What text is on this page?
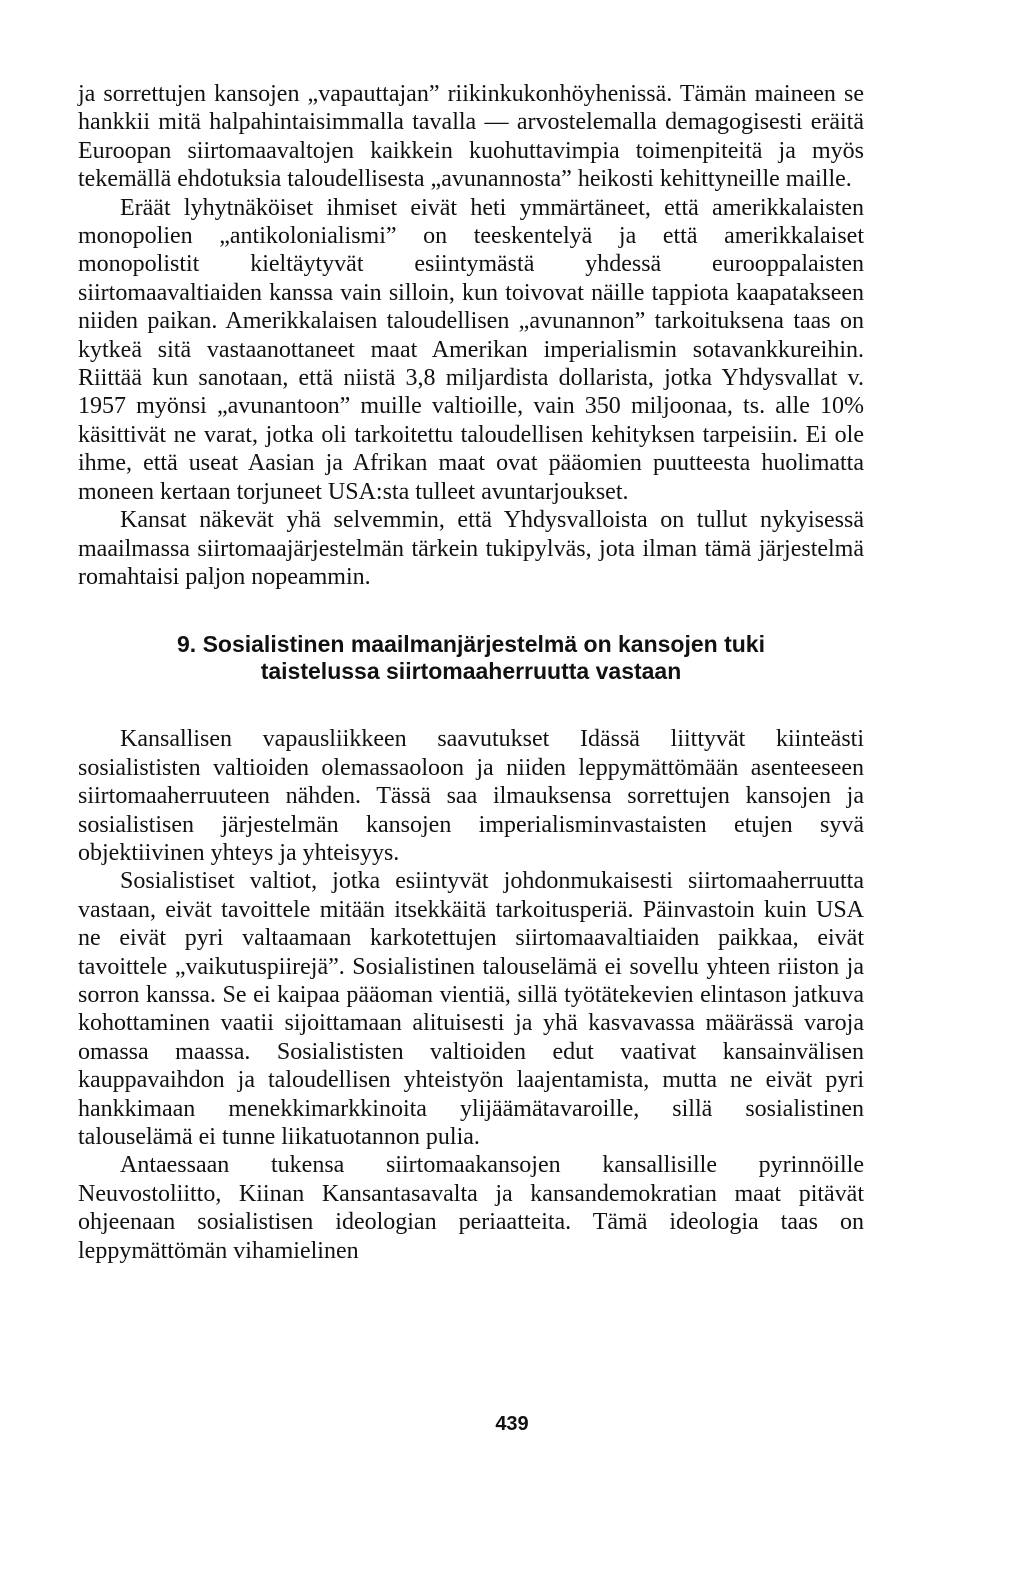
ja sorrettujen kansojen „vapauttajan” riikinkukonhöyhenissä. Tämän maineen se hankkii mitä halpahintaisimmalla tavalla — arvostelemalla demagogisesti eräitä Euroopan siirtomaavaltojen kaikkein kuohuttavimpia toimenpiteitä ja myös tekemällä ehdotuksia taloudellisesta „avunannosta” heikosti kehittyneille maille.

Eräät lyhytnäköiset ihmiset eivät heti ymmärtäneet, että amerikkalaisten monopolien „antikolonialismi” on teeskentelyä ja että amerikkalaiset monopolistit kieltäytyvät esiintymästä yhdessä eurooppalaisten siirtomaavaltiaiden kanssa vain silloin, kun toivovat näille tappiota kaapatakseen niiden paikan. Amerikkalaisen taloudellisen „avunannon” tarkoituksena taas on kytkeä sitä vastaanottaneet maat Amerikan imperialismin sotavankkureihin. Riittää kun sanotaan, että niistä 3,8 miljardista dollarista, jotka Yhdysvallat v. 1957 myönsi „avunantoon” muille valtioille, vain 350 miljoonaa, ts. alle 10% käsittivät ne varat, jotka oli tarkoitettu taloudellisen kehityksen tarpeisiin. Ei ole ihme, että useat Aasian ja Afrikan maat ovat pääomien puutteesta huolimatta moneen kertaan torjuneet USA:sta tulleet avuntarjoukset.

Kansat näkevät yhä selvemmin, että Yhdysvalloista on tullut nykyisessä maailmassa siirtomaajärjestelmän tärkein tukipylväs, jota ilman tämä järjestelmä romahtaisi paljon nopeammin.

9. Sosialistinen maailmanjärjestelmä on kansojen tuki
taistelussa siirtomaaherruutta vastaan

Kansallisen vapausliikkeen saavutukset Idässä liittyvät kiinteästi sosialististen valtioiden olemassaoloon ja niiden leppymättömään asenteeseen siirtomaaherruuteen nähden. Tässä saa ilmauksensa sorrettujen kansojen ja sosialistisen järjestelmän kansojen imperialisminvastaisten etujen syvä objektiivinen yhteys ja yhteisyys.

Sosialistiset valtiot, jotka esiintyvät johdonmukaisesti siirtomaaherruutta vastaan, eivät tavoittele mitään itsekkäitä tarkoitusperiä. Päinvastoin kuin USA ne eivät pyri valtaamaan karkotettujen siirtomaavaltiaiden paikkaa, eivät tavoittele „vaikutuspiirejä”. Sosialistinen talouselämä ei sovellu yhteen riiston ja sorron kanssa. Se ei kaipaa pääoman vientiä, sillä työtätekevien elintason jatkuva kohottaminen vaatii sijoittamaan alituisesti ja yhä kasvavassa määrässä varoja omassa maassa. Sosialististen valtioiden edut vaativat kansainvälisen kauppavaihdon ja taloudellisen yhteistyön laajentamista, mutta ne eivät pyri hankkimaan menekkimarkkinoita ylijäämätavaroille, sillä sosialistinen talouselämä ei tunne liikatuotannon pulia.

Antaessaan tukensa siirtomaakansojen kansallisille pyrinnöille Neuvostoliitto, Kiinan Kansantasavalta ja kansandemokratian maat pitävät ohjeenaan sosialistisen ideologian periaatteita. Tämä ideologia taas on leppymättömän vihamielinen

439
